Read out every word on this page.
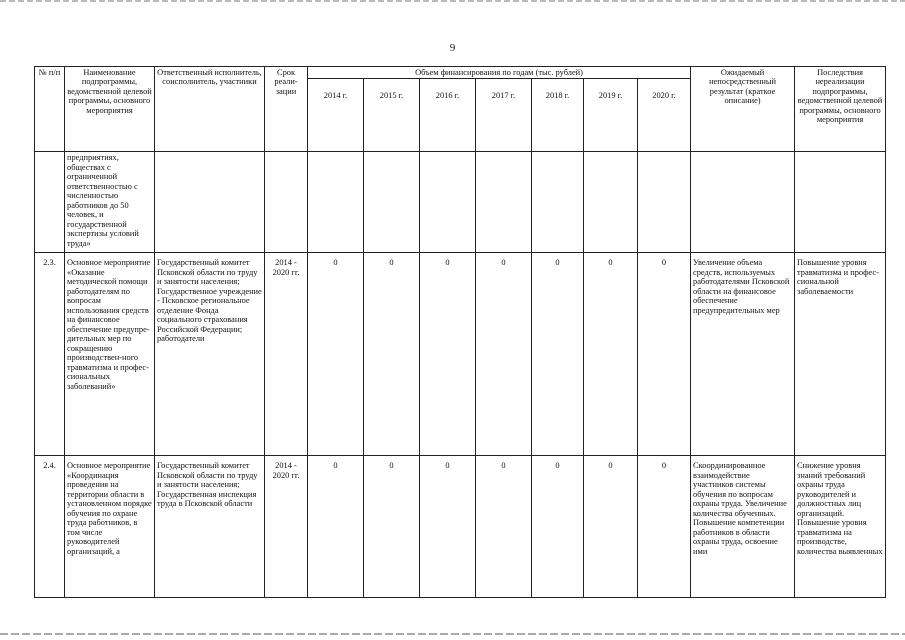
9
№ п/п	Наименование подпрограммы, ведомственной целевой программы, основного мероприятия	Ответственный исполнитель, соисполнитель, участники	Срок реали-зации	Объем финансирования по годам (тыс. рублей)							Ожидаемый непосредственный результат (краткое описание)	Последствия нереализации подпрограммы, ведомственной целевой программы, основного мероприятия
				2014 г.	2015 г.	2016 г.	2017 г.	2018 г.	2019 г.	2020 г.		
	предприятиях, обществах с ограниченной ответственностью с численностью работников до 50 человек, и государственной экспертизы условий труда»											
2.3.	Основное мероприятие «Оказание методической помощи работодателям по вопросам использования средств на финансовое обеспечение предупре-дительных мер по сокращению производствен-ного травматизма и профес-сиональных заболеваний»	Государственный комитет Псковской области по труду и занятости населения; Государственное учреждение - Псковское региональное отделение Фонда социального страхования Российской Федерации; работодатели	2014 - 2020 гг.	0	0	0	0	0	0	0	Увеличение объема средств, используемых работодателями Псковской области на финансовое обеспечение предупредительных мер	Повышение уровня травматизма и профес-сиональной заболеваемости
2.4.	Основное мероприятие «Координация проведения на территории области в установленном порядке обучения по охране труда работников, в том числе руководителей организаций, а	Государственный комитет Псковской области по труду и занятости населения; Государственная инспекция труда в Псковской области	2014 - 2020 гг.	0	0	0	0	0	0	0	Скоординированное взаимодействие участников системы обучения по вопросам охраны труда. Увеличение количества обученных. Повышение компетенции работников в области охраны труда, освоение ими	Снижение уровня знаний требований охраны труда руководителей и должностных лиц организаций. Повышение уровня травматизма на производстве, количества выявленных
